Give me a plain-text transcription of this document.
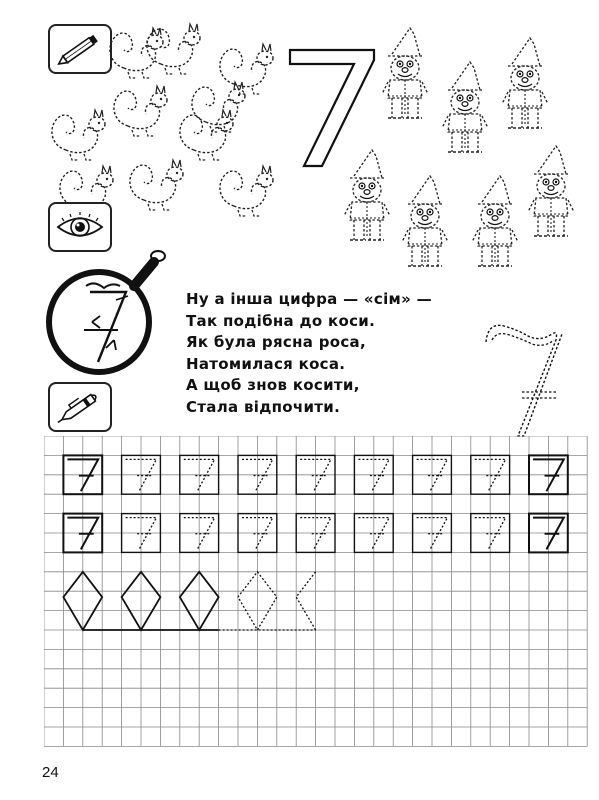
Ну а інша цифра — «сім» —
Так подібна до коси.
Як була рясна роса,
Натомилася коса.
А щоб знов косити,
Стала відпочити.
24
